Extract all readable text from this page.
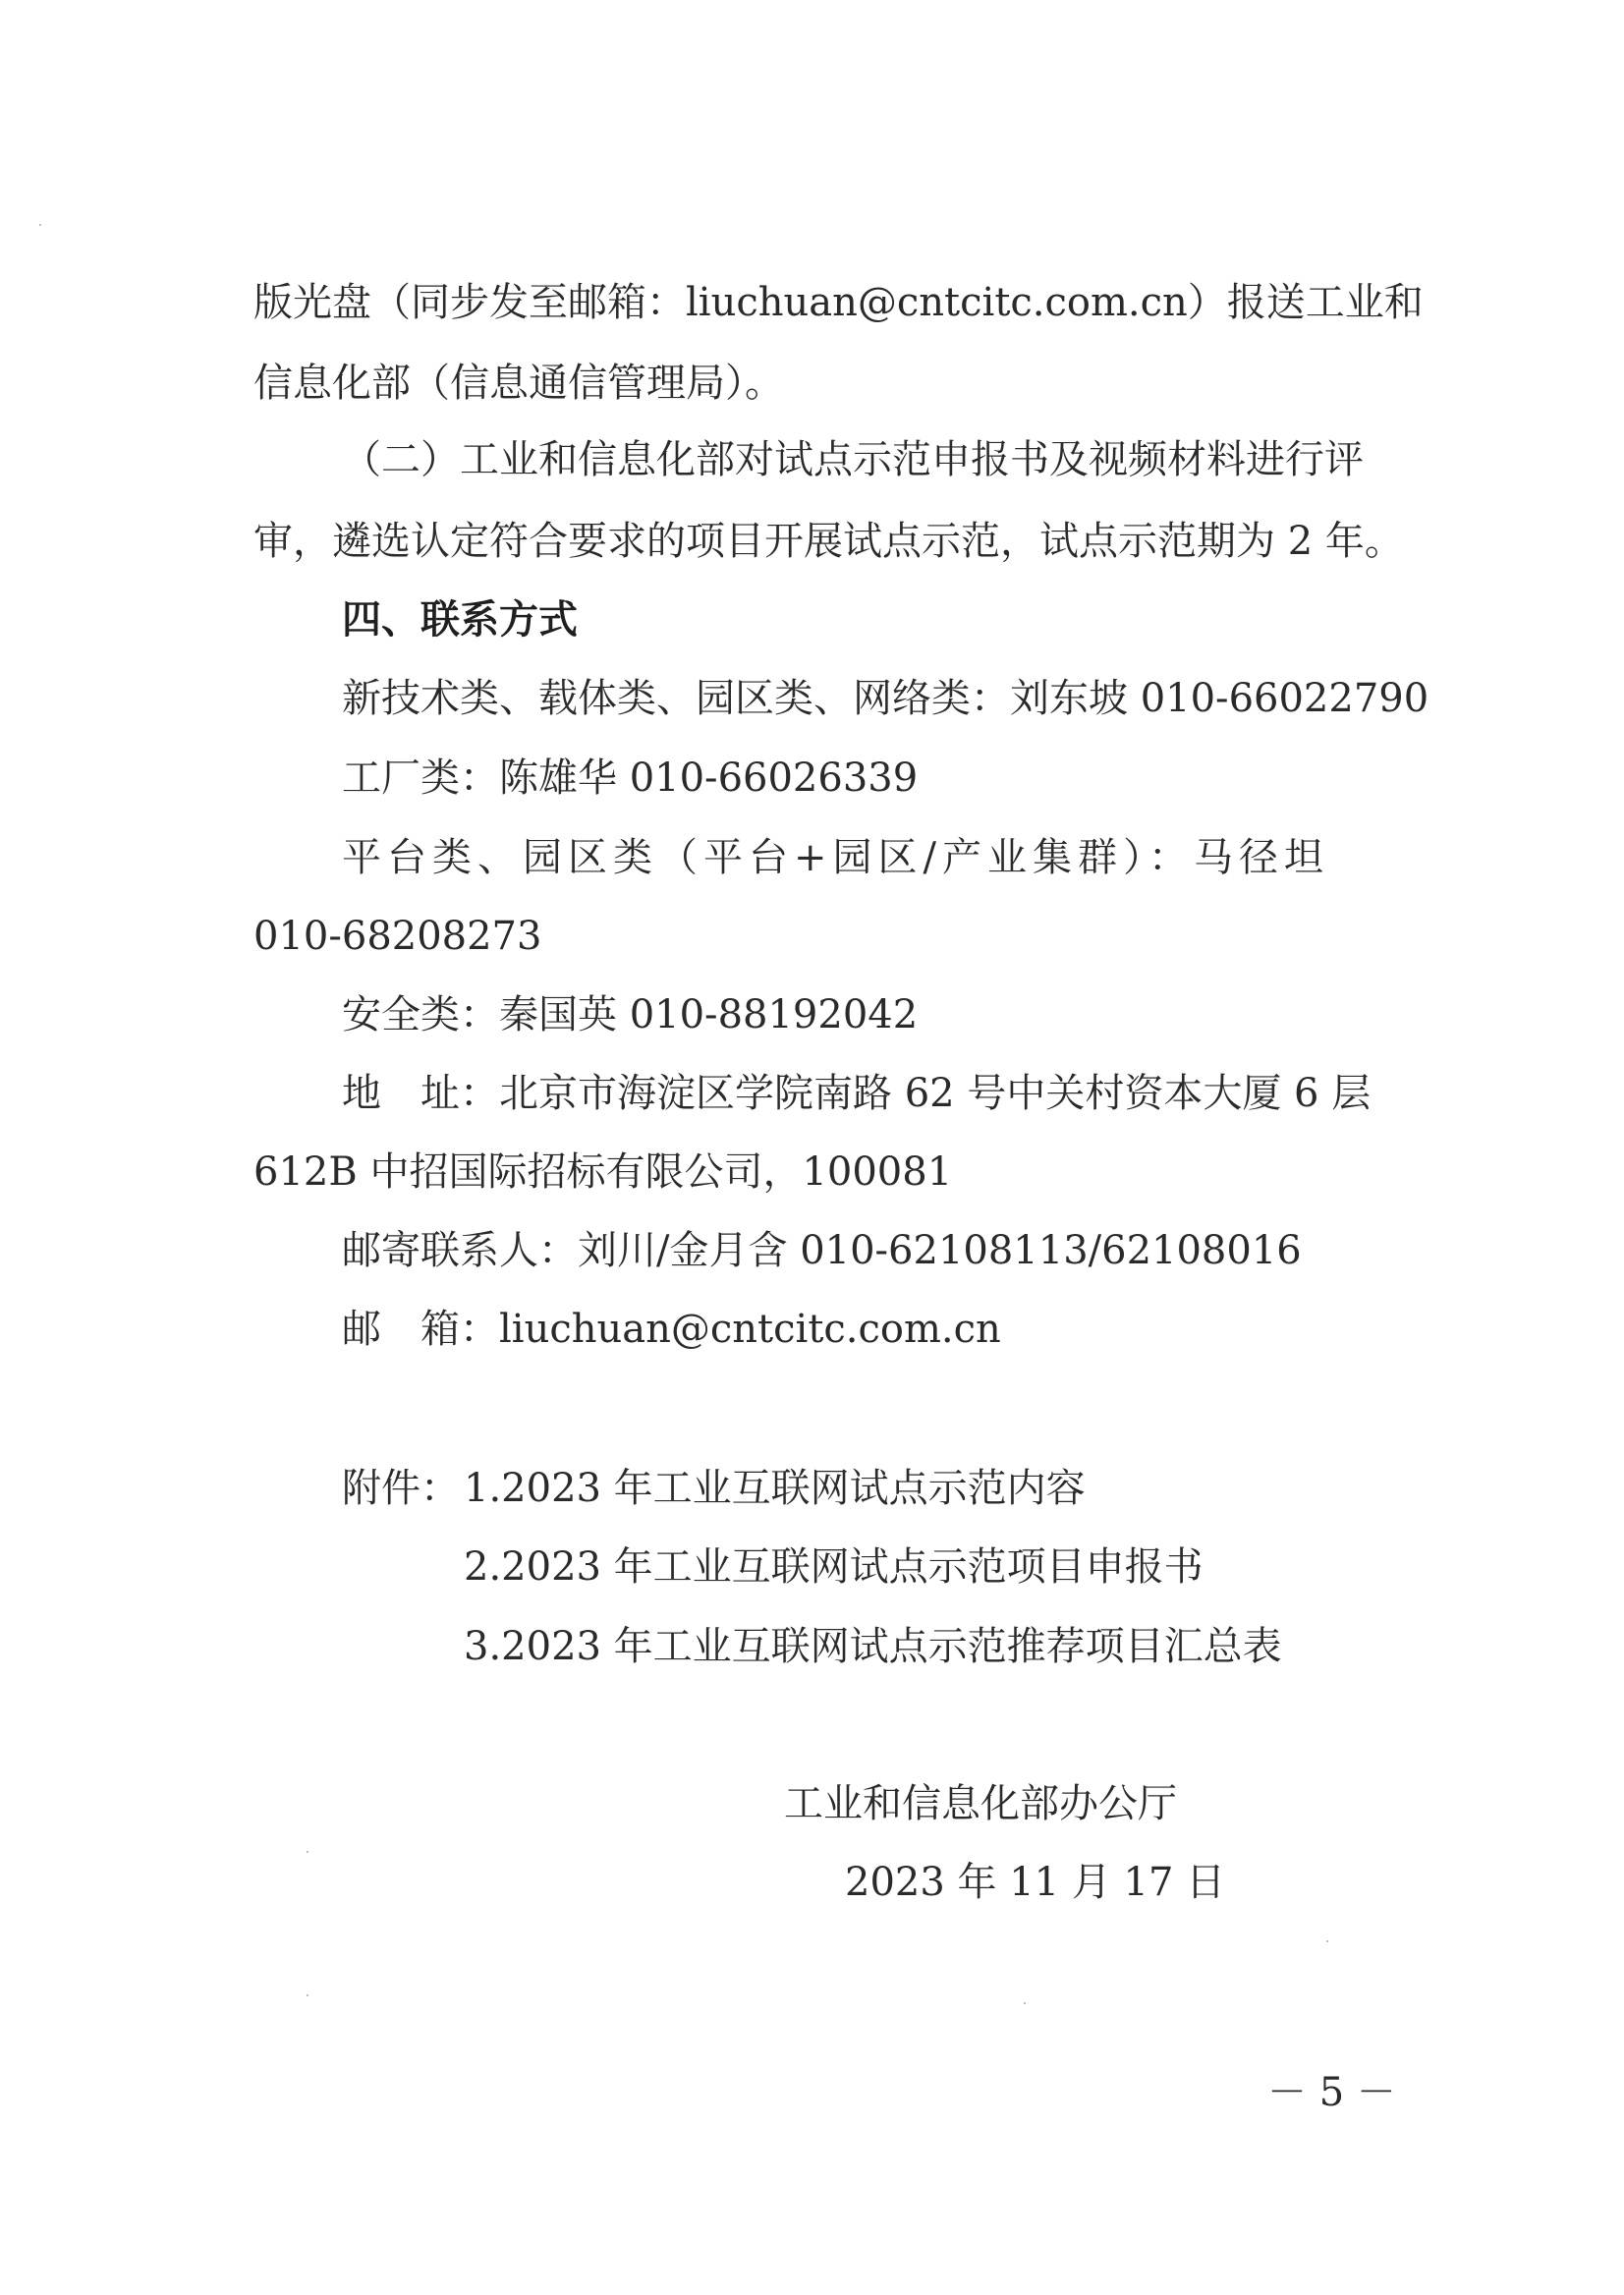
版光盘（同步发至邮箱：liuchuan@cntcitc.com.cn）报送工业和
信息化部（信息通信管理局）。
（二）工业和信息化部对试点示范申报书及视频材料进行评
审，遴选认定符合要求的项目开展试点示范，试点示范期为 2 年。
四、联系方式
新技术类、载体类、园区类、网络类：刘东坡 010-66022790
工厂类：陈雄华 010-66026339
平台类、园区类（平台+园区/产业集群）：马径坦
010-68208273
安全类：秦国英 010-88192042
地　址：北京市海淀区学院南路 62 号中关村资本大厦 6 层
612B 中招国际招标有限公司，100081
邮寄联系人：刘川/金月含 010-62108113/62108016
邮　箱：liuchuan@cntcitc.com.cn
附件： 1.2023 年工业互联网试点示范内容
2.2023 年工业互联网试点示范项目申报书
3.2023 年工业互联网试点示范推荐项目汇总表
工业和信息化部办公厅
2023 年 11 月 17 日
－ 5 －
